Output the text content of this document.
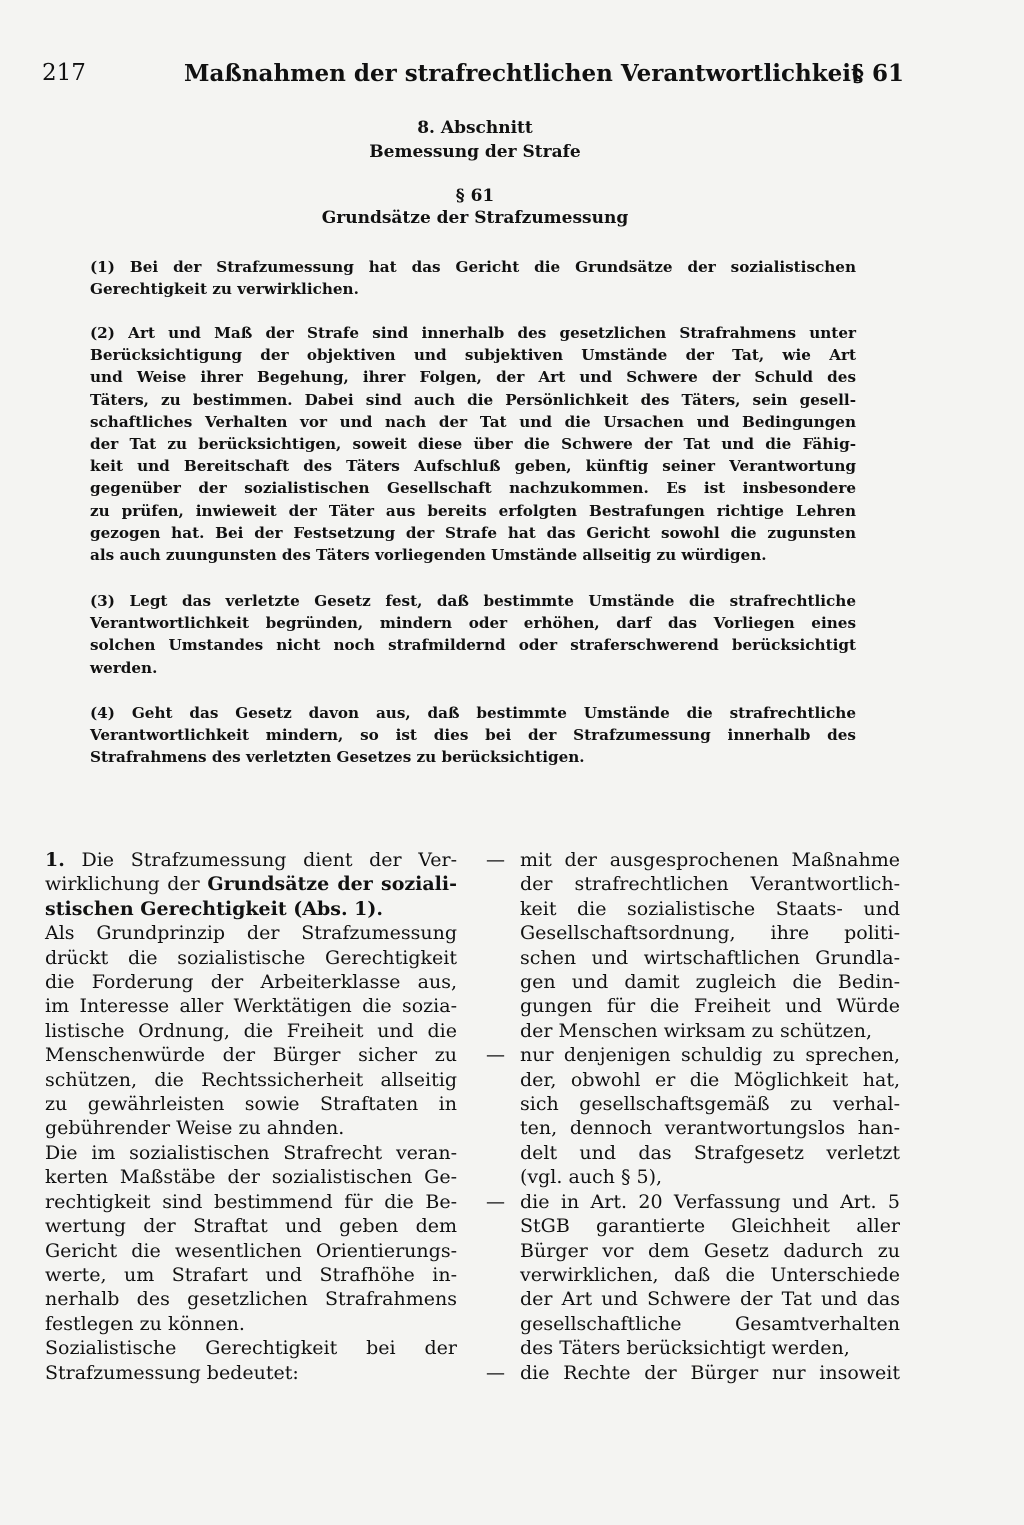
217	Maßnahmen der strafrechtlichen Verantwortlichkeit
§ 61
8. Abschnitt
Bemessung der Strafe
§ 61
Grundsätze der Strafzumessung
(1) Bei der Strafzumessung hat das Gericht die Grundsätze der sozialistischen
Gerechtigkeit zu verwirklichen.
(2) Art und Maß der Strafe sind innerhalb des gesetzlichen Strafrahmens unter
Berücksichtigung der objektiven und subjektiven Umstände der Tat, wie Art
und Weise ihrer Begehung, ihrer Folgen, der Art und Schwere der Schuld des
Täters, zu bestimmen. Dabei sind auch die Persönlichkeit des Täters, sein gesell-
schaftliches Verhalten vor und nach der Tat und die Ursachen und Bedingungen
der Tat zu berücksichtigen, soweit diese über die Schwere der Tat und die Fähig-
keit und Bereitschaft des Täters Aufschluß geben, künftig seiner Verantwortung
gegenüber der sozialistischen Gesellschaft nachzukommen. Es ist insbesondere
zu prüfen, inwieweit der Täter aus bereits erfolgten Bestrafungen richtige Lehren
gezogen hat. Bei der Festsetzung der Strafe hat das Gericht sowohl die zugunsten
als auch zuungunsten des Täters vorliegenden Umstände allseitig zu würdigen.
(3) Legt das verletzte Gesetz fest, daß bestimmte Umstände die strafrechtliche
Verantwortlichkeit begründen, mindern oder erhöhen, darf das Vorliegen eines
solchen Umstandes nicht noch strafmildernd oder straferschwerend berücksichtigt
werden.
(4) Geht das Gesetz davon aus, daß bestimmte Umstände die strafrechtliche
Verantwortlichkeit mindern, so ist dies bei der Strafzumessung innerhalb des
Strafrahmens des verletzten Gesetzes zu berücksichtigen.
1. Die Strafzumessung dient der Ver-
wirklichung der Grundsätze der soziali-
stischen Gerechtigkeit (Abs. 1).
Als Grundprinzip der Strafzumessung
drückt die sozialistische Gerechtigkeit
die Forderung der Arbeiterklasse aus,
im Interesse aller Werktätigen die sozia-
listische Ordnung, die Freiheit und die
Menschenwürde der Bürger sicher zu
schützen, die Rechtssicherheit allseitig
zu gewährleisten sowie Straftaten in
gebührender Weise zu ahnden.
Die im sozialistischen Strafrecht veran-
kerten Maßstäbe der sozialistischen Ge-
rechtigkeit sind bestimmend für die Be-
wertung der Straftat und geben dem
Gericht die wesentlichen Orientierungs-
werte, um Strafart und Strafhöhe in-
nerhalb des gesetzlichen Strafrahmens
festlegen zu können.
Sozialistische Gerechtigkeit bei der
Strafzumessung bedeutet:
— mit der ausgesprochenen Maßnahme
der strafrechtlichen Verantwortlich-
keit die sozialistische Staats- und
Gesellschaftsordnung, ihre politi-
schen und wirtschaftlichen Grundla-
gen und damit zugleich die Bedin-
gungen für die Freiheit und Würde
der Menschen wirksam zu schützen,
— nur denjenigen schuldig zu sprechen,
der, obwohl er die Möglichkeit hat,
sich gesellschaftsgemäß zu verhal-
ten, dennoch verantwortungslos han-
delt und das Strafgesetz verletzt
(vgl. auch § 5),
— die in Art. 20 Verfassung und Art. 5
StGB garantierte Gleichheit aller
Bürger vor dem Gesetz dadurch zu
verwirklichen, daß die Unterschiede
der Art und Schwere der Tat und das
gesellschaftliche Gesamtverhalten
des Täters berücksichtigt werden,
— die Rechte der Bürger nur insoweit
